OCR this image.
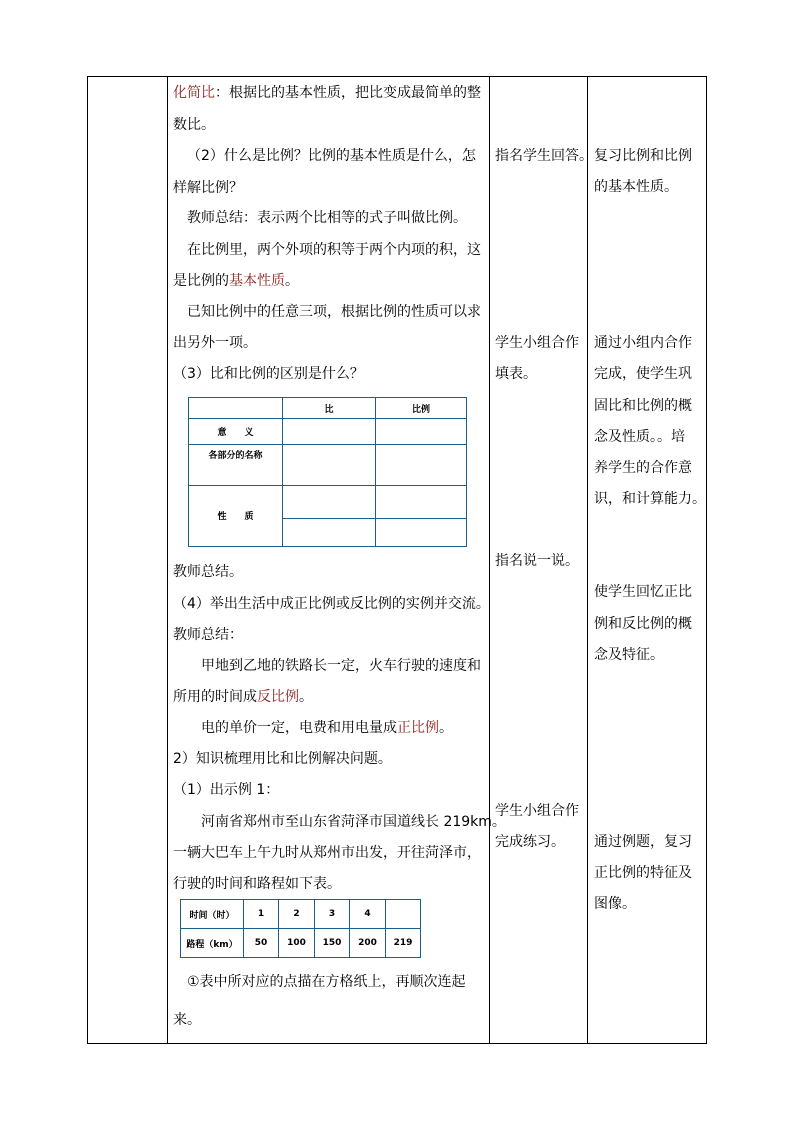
化简比：根据比的基本性质，把比变成最简单的整
数比。
（2）什么是比例？比例的基本性质是什么，怎
样解比例？
教师总结：表示两个比相等的式子叫做比例。
在比例里，两个外项的积等于两个内项的积，这
是比例的基本性质。
已知比例中的任意三项，根据比例的性质可以求
出另外一项。
（3）比和比例的区别是什么？
教师总结。
（4）举出生活中成正比例或反比例的实例并交流。
教师总结：
甲地到乙地的铁路长一定，火车行驶的速度和
所用的时间成反比例。
电的单价一定，电费和用电量成正比例。
2）知识梳理用比和比例解决问题。
（1）出示例 1：
河南省郑州市至山东省菏泽市国道线长 219km。
一辆大巴车上午九时从郑州市出发，开往菏泽市，
行驶的时间和路程如下表。
①表中所对应的点描在方格纸上，再顺次连起
来。
	比	比例
意　　义		
各部分的名称		
性　　质		

时间（时）	1	2	3	4	
路程（km）	50	100	150	200	219
指名学生回答。
学生小组合作
填表。
指名说一说。
学生小组合作
完成练习。
复习比例和比例
的基本性质。
通过小组内合作
完成，使学生巩
固比和比例的概
念及性质。。培
养学生的合作意
识，和计算能力。
使学生回忆正比
例和反比例的概
念及特征。
通过例题，复习
正比例的特征及
图像。
